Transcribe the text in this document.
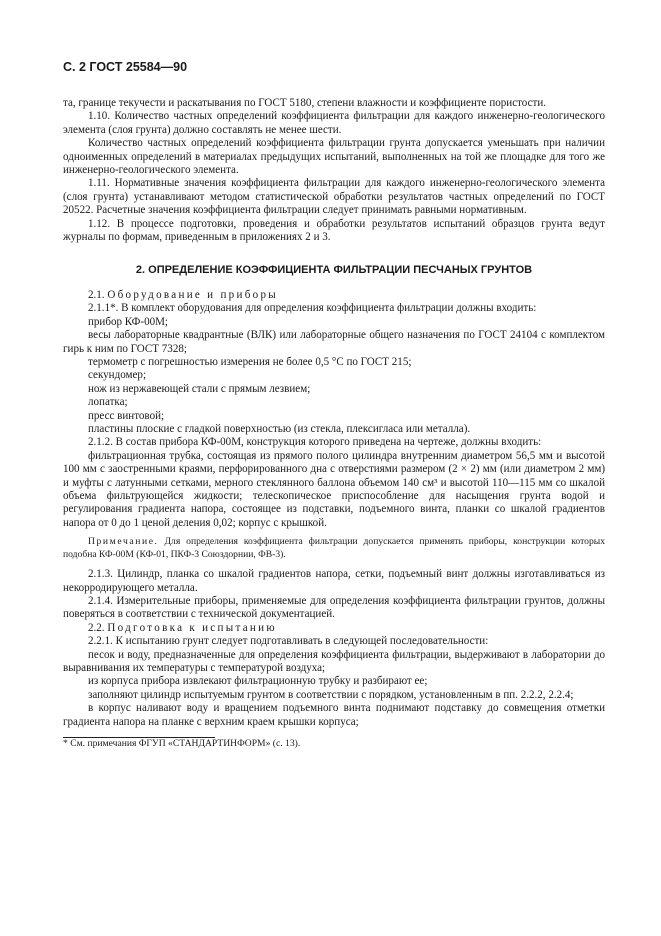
С. 2 ГОСТ 25584—90

та, границе текучести и раскатывания по ГОСТ 5180, степени влажности и коэффициенте пористости.

1.10. Количество частных определений коэффициента фильтрации для каждого инженерно-геологического элемента (слоя грунта) должно составлять не менее шести.

Количество частных определений коэффициента фильтрации грунта допускается уменьшать при наличии одноименных определений в материалах предыдущих испытаний, выполненных на той же площадке для того же инженерно-геологического элемента.

1.11. Нормативные значения коэффициента фильтрации для каждого инженерно-геологического элемента (слоя грунта) устанавливают методом статистической обработки результатов частных определений по ГОСТ 20522. Расчетные значения коэффициента фильтрации следует принимать равными нормативным.

1.12. В процессе подготовки, проведения и обработки результатов испытаний образцов грунта ведут журналы по формам, приведенным в приложениях 2 и 3.

2. ОПРЕДЕЛЕНИЕ КОЭФФИЦИЕНТА ФИЛЬТРАЦИИ ПЕСЧАНЫХ ГРУНТОВ

2.1. Оборудование и приборы

2.1.1*. В комплект оборудования для определения коэффициента фильтрации должны входить:

прибор КФ-00М;

весы лабораторные квадрантные (ВЛК) или лабораторные общего назначения по ГОСТ 24104 с комплектом гирь к ним по ГОСТ 7328;

термометр с погрешностью измерения не более 0,5 °С по ГОСТ 215;

секундомер;

нож из нержавеющей стали с прямым лезвием;

лопатка;

пресс винтовой;

пластины плоские с гладкой поверхностью (из стекла, плексигласа или металла).

2.1.2. В состав прибора КФ-00М, конструкция которого приведена на чертеже, должны входить:

фильтрационная трубка, состоящая из прямого полого цилиндра внутренним диаметром 56,5 мм и высотой 100 мм с заостренными краями, перфорированного дна с отверстиями размером (2 × 2) мм (или диаметром 2 мм) и муфты с латунными сетками, мерного стеклянного баллона объемом 140 см³ и высотой 110—115 мм со шкалой объема фильтрующейся жидкости; телескопическое приспособление для насыщения грунта водой и регулирования градиента напора, состоящее из подставки, подъемного винта, планки со шкалой градиентов напора от 0 до 1 ценой деления 0,02; корпус с крышкой.

Примечание. Для определения коэффициента фильтрации допускается применять приборы, конструкции которых подобна КФ-00М (КФ-01, ПКФ-3 Союздорнии, ФВ-3).

2.1.3. Цилиндр, планка со шкалой градиентов напора, сетки, подъемный винт должны изготавливаться из некорродирующего металла.

2.1.4. Измерительные приборы, применяемые для определения коэффициента фильтрации грунтов, должны поверяться в соответствии с технической документацией.

2.2. Подготовка к испытанию

2.2.1. К испытанию грунт следует подготавливать в следующей последовательности:

песок и воду, предназначенные для определения коэффициента фильтрации, выдерживают в лаборатории до выравнивания их температуры с температурой воздуха;

из корпуса прибора извлекают фильтрационную трубку и разбирают ее;

заполняют цилиндр испытуемым грунтом в соответствии с порядком, установленным в пп. 2.2.2, 2.2.4;

в корпус наливают воду и вращением подъемного винта поднимают подставку до совмещения отметки градиента напора на планке с верхним краем крышки корпуса;

* См. примечания ФГУП «СТАНДАРТИНФОРМ» (с. 13).
